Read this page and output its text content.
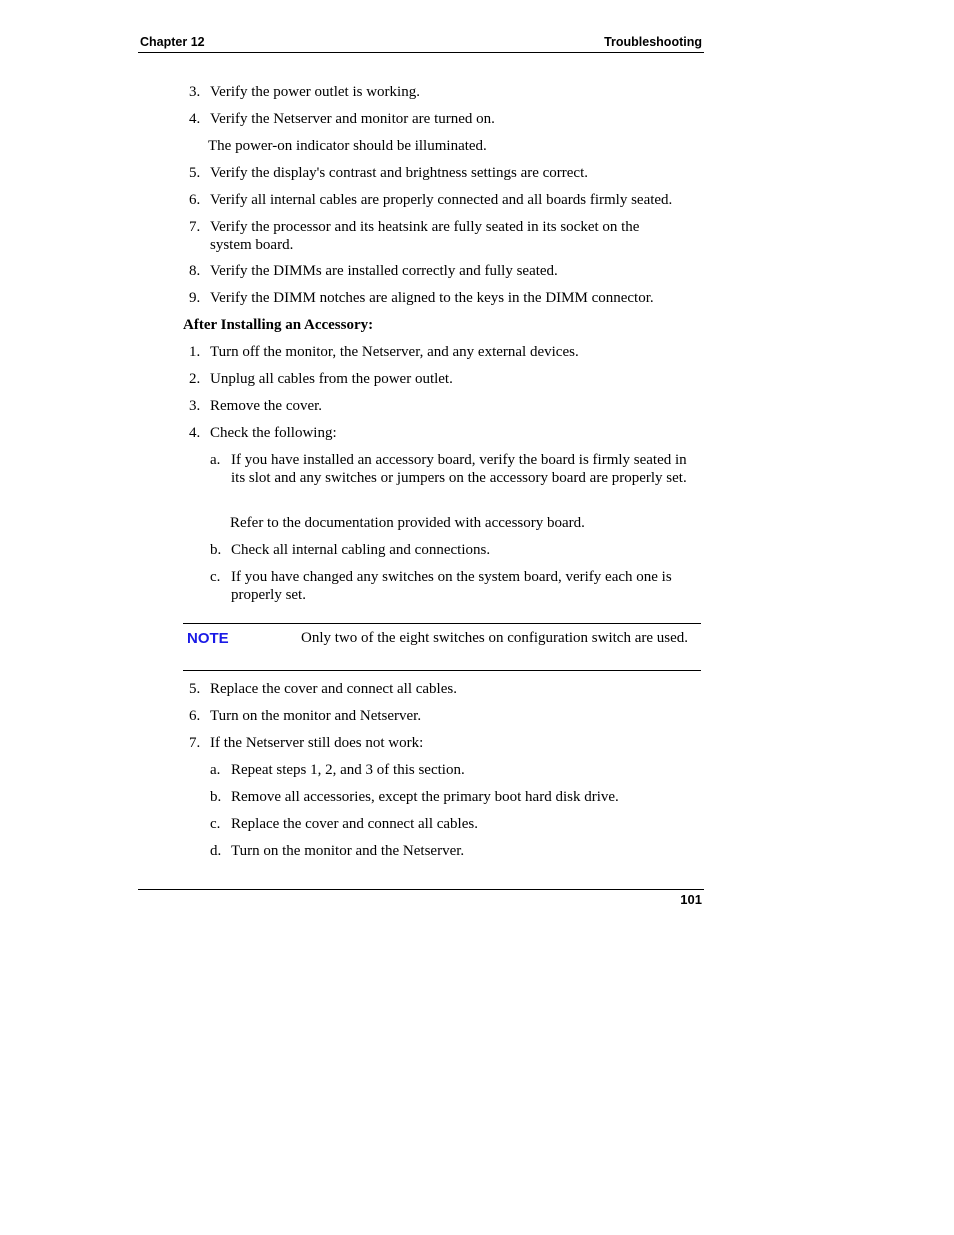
Chapter 12	Troubleshooting
3. Verify the power outlet is working.
4. Verify the Netserver and monitor are turned on.
The power-on indicator should be illuminated.
5. Verify the display's contrast and brightness settings are correct.
6. Verify all internal cables are properly connected and all boards firmly seated.
7. Verify the processor and its heatsink are fully seated in its socket on the system board.
8. Verify the DIMMs are installed correctly and fully seated.
9. Verify the DIMM notches are aligned to the keys in the DIMM connector.
After Installing an Accessory:
1. Turn off the monitor, the Netserver, and any external devices.
2. Unplug all cables from the power outlet.
3. Remove the cover.
4. Check the following:
a. If you have installed an accessory board, verify the board is firmly seated in its slot and any switches or jumpers on the accessory board are properly set.
Refer to the documentation provided with accessory board.
b. Check all internal cabling and connections.
c. If you have changed any switches on the system board, verify each one is properly set.
5. Replace the cover and connect all cables.
6. Turn on the monitor and Netserver.
7. If the Netserver still does not work:
a. Repeat steps 1, 2, and 3 of this section.
b. Remove all accessories, except the primary boot hard disk drive.
c. Replace the cover and connect all cables.
d. Turn on the monitor and the Netserver.
NOTE	Only two of the eight switches on configuration switch are used.
101
